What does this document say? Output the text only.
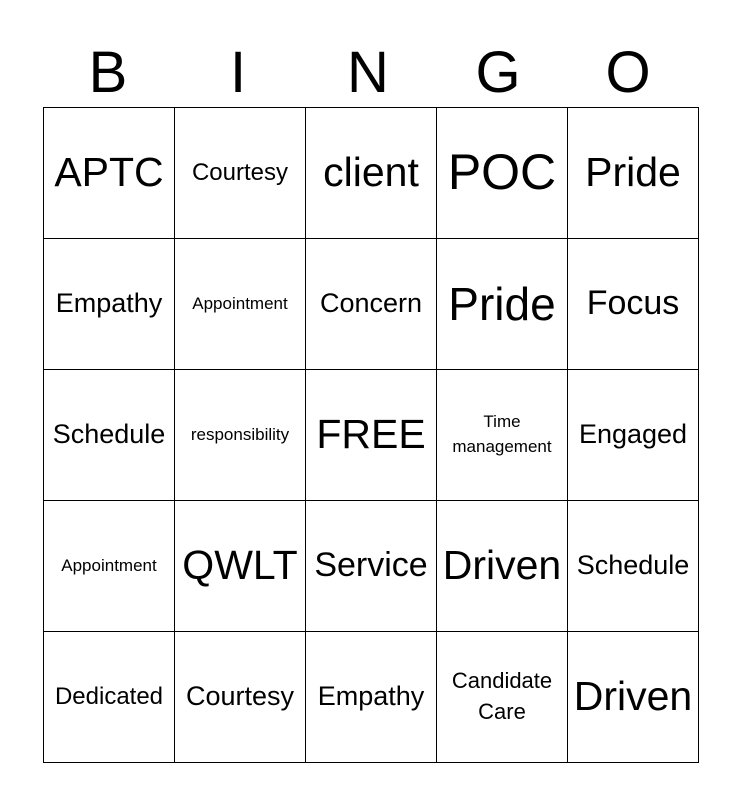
B	I	N	G	O
APTC	Courtesy	client	POC	Pride
Empathy	Appointment	Concern	Pride	Focus
Schedule	responsibility	FREE	Time management	Engaged
Appointment	QWLT	Service	Driven	Schedule
Dedicated	Courtesy	Empathy	Candidate Care	Driven
